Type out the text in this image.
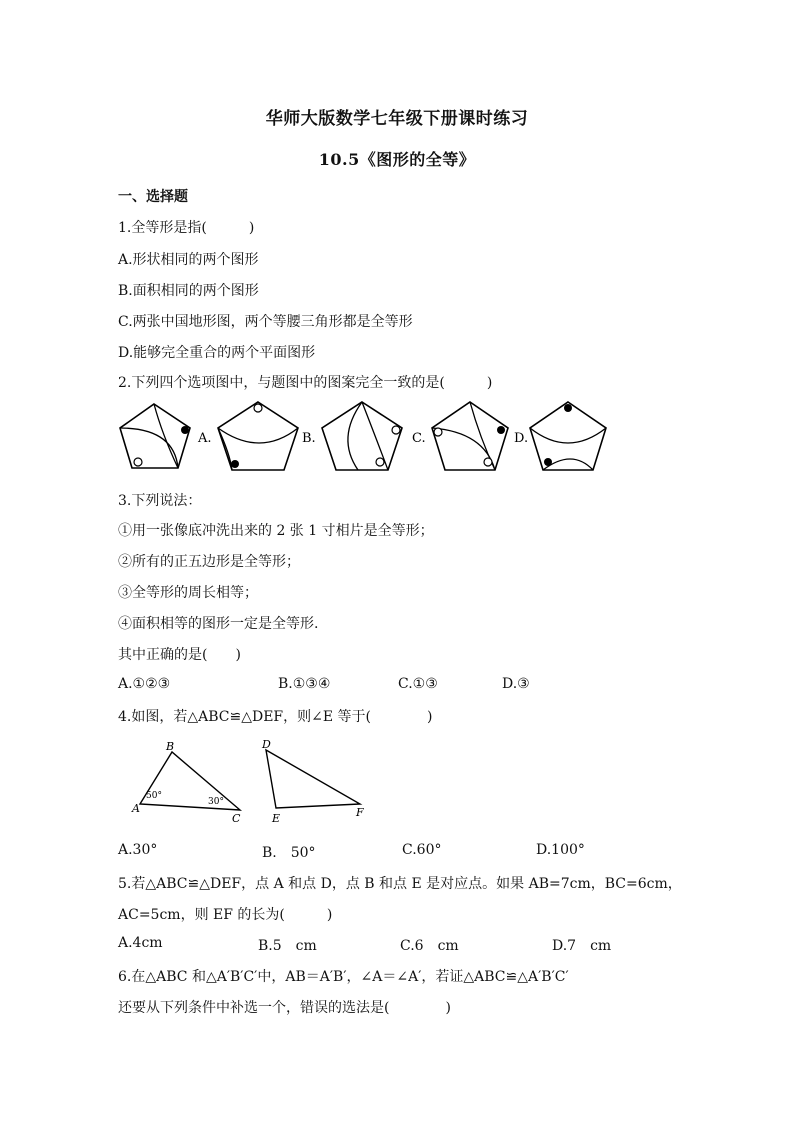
华师大版数学七年级下册课时练习
10.5《图形的全等》
一、选择题
1.全等形是指(　　　)
A.形状相同的两个图形
B.面积相同的两个图形
C.两张中国地形图，两个等腰三角形都是全等形
D.能够完全重合的两个平面图形
2.下列四个选项图中，与题图中的图案完全一致的是(　　　)
A.	B.	C.	D.
3.下列说法：
①用一张像底冲洗出来的 2 张 1 寸相片是全等形；
②所有的正五边形是全等形；
③全等形的周长相等；
④面积相等的图形一定是全等形.
其中正确的是(　　)
A.①②③	B.①③④	C.①③	D.③
4.如图，若△ABC≌△DEF，则∠E 等于(　　　　)
B
A
C
50°
30°
D
E	F
A.30°	B.　50°	C.60°	D.100°
5.若△ABC≌△DEF，点 A 和点 D，点 B 和点 E 是对应点。如果 AB=7cm，BC=6cm，
AC=5cm，则 EF 的长为(　　　)
A.4cm	B.5　cm	C.6　cm	D.7　cm
6.在△ABC 和△A′B′C′中，AB＝A′B′，∠A＝∠A′，若证△ABC≌△A′B′C′
还要从下列条件中补选一个，错误的选法是(　　　　)
